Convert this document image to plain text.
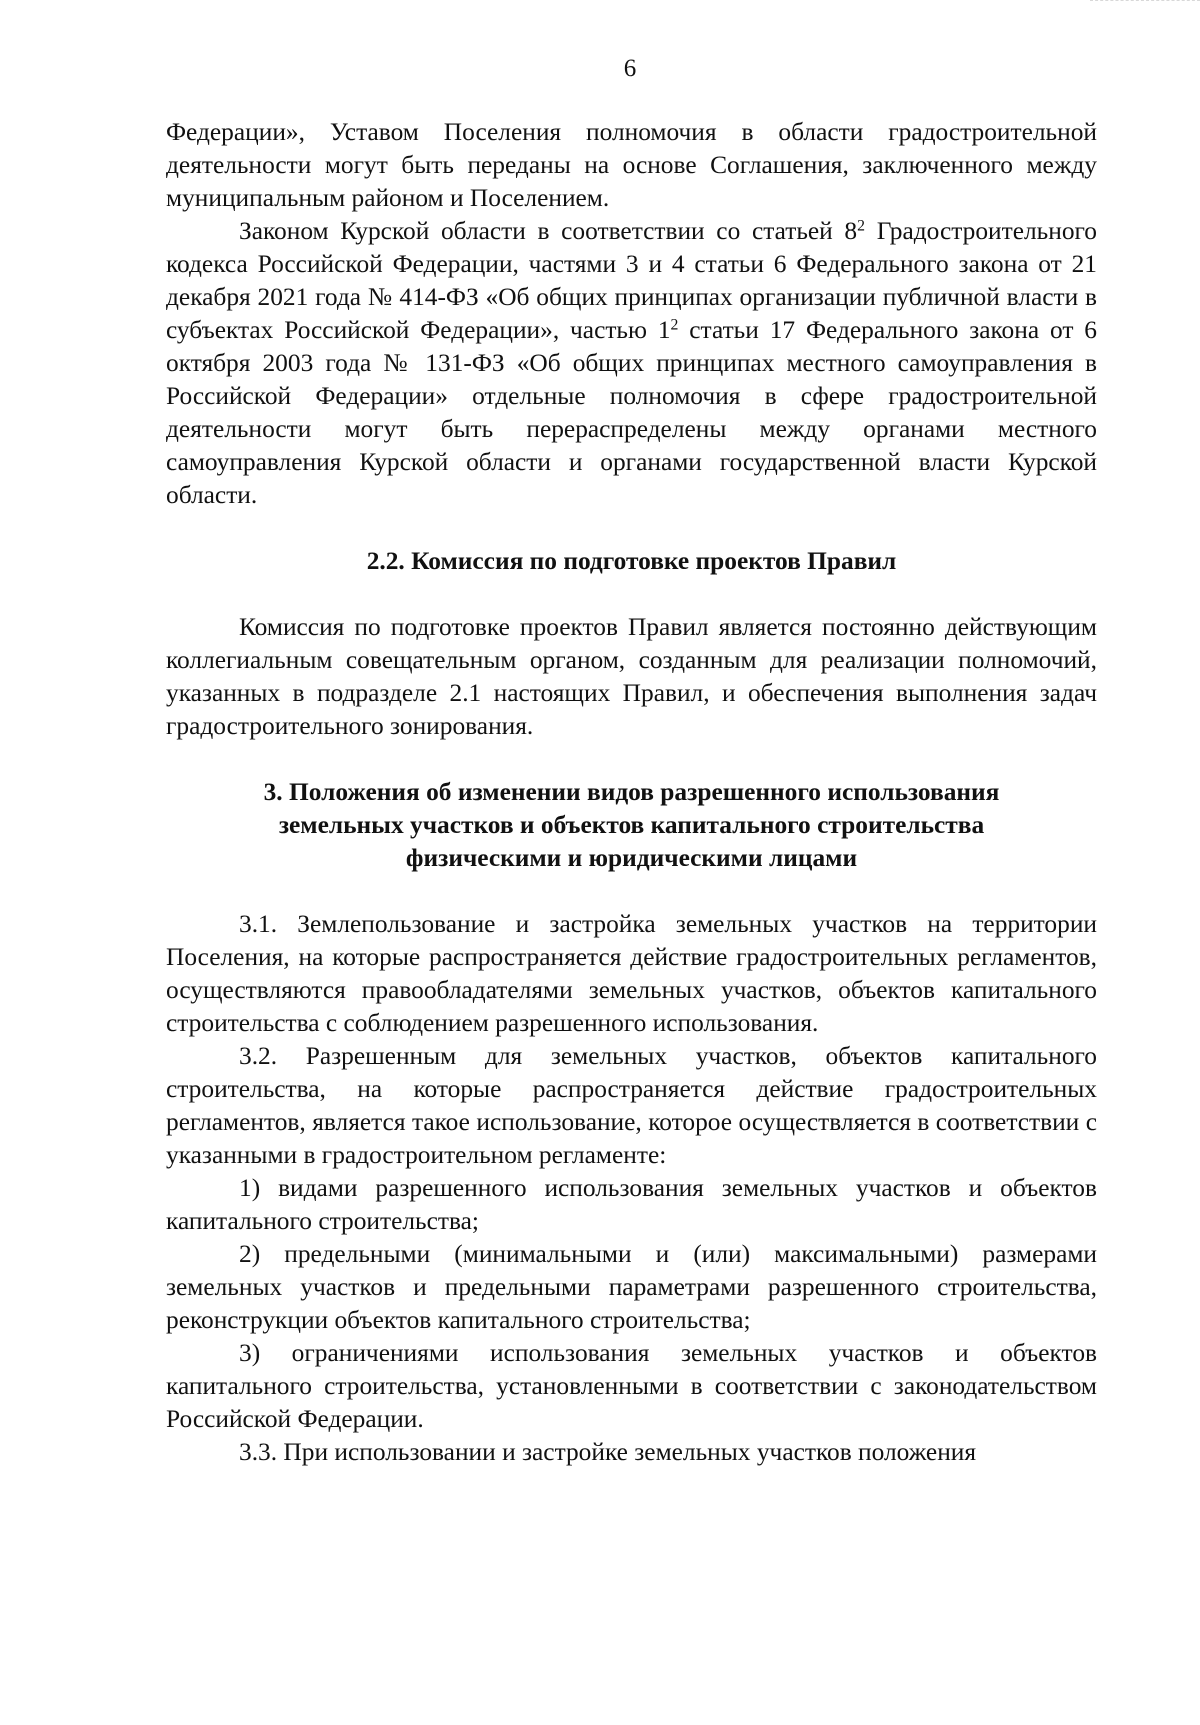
6

Федерации», Уставом Поселения полномочия в области градостроительной деятельности могут быть переданы на основе Соглашения, заключенного между муниципальным районом и Поселением.

Законом Курской области в соответствии со статьей $8^2$ Градостроительного кодекса Российской Федерации, частями 3 и 4 статьи 6 Федерального закона от 21 декабря 2021 года № 414-ФЗ «Об общих принципах организации публичной власти в субъектах Российской Федерации», частью $1^2$ статьи 17 Федерального закона от 6 октября 2003 года № 131-ФЗ «Об общих принципах местного самоуправления в Российской Федерации» отдельные полномочия в сфере градостроительной деятельности могут быть перераспределены между органами местного самоуправления Курской области и органами государственной власти Курской области.

2.2. Комиссия по подготовке проектов Правил

Комиссия по подготовке проектов Правил является постоянно действующим коллегиальным совещательным органом, созданным для реализации полномочий, указанных в подразделе 2.1 настоящих Правил, и обеспечения выполнения задач градостроительного зонирования.

3. Положения об изменении видов разрешенного использования
земельных участков и объектов капитального строительства
физическими и юридическими лицами

3.1. Землепользование и застройка земельных участков на территории Поселения, на которые распространяется действие градостроительных регламентов, осуществляются правообладателями земельных участков, объектов капитального строительства с соблюдением разрешенного использования.

3.2. Разрешенным для земельных участков, объектов капитального строительства, на которые распространяется действие градостроительных регламентов, является такое использование, которое осуществляется в соответствии с указанными в градостроительном регламенте:

1) видами разрешенного использования земельных участков и объектов капитального строительства;

2) предельными (минимальными и (или) максимальными) размерами земельных участков и предельными параметрами разрешенного строительства, реконструкции объектов капитального строительства;

3) ограничениями использования земельных участков и объектов капитального строительства, установленными в соответствии с законодательством Российской Федерации.

3.3. При использовании и застройке земельных участков положения
